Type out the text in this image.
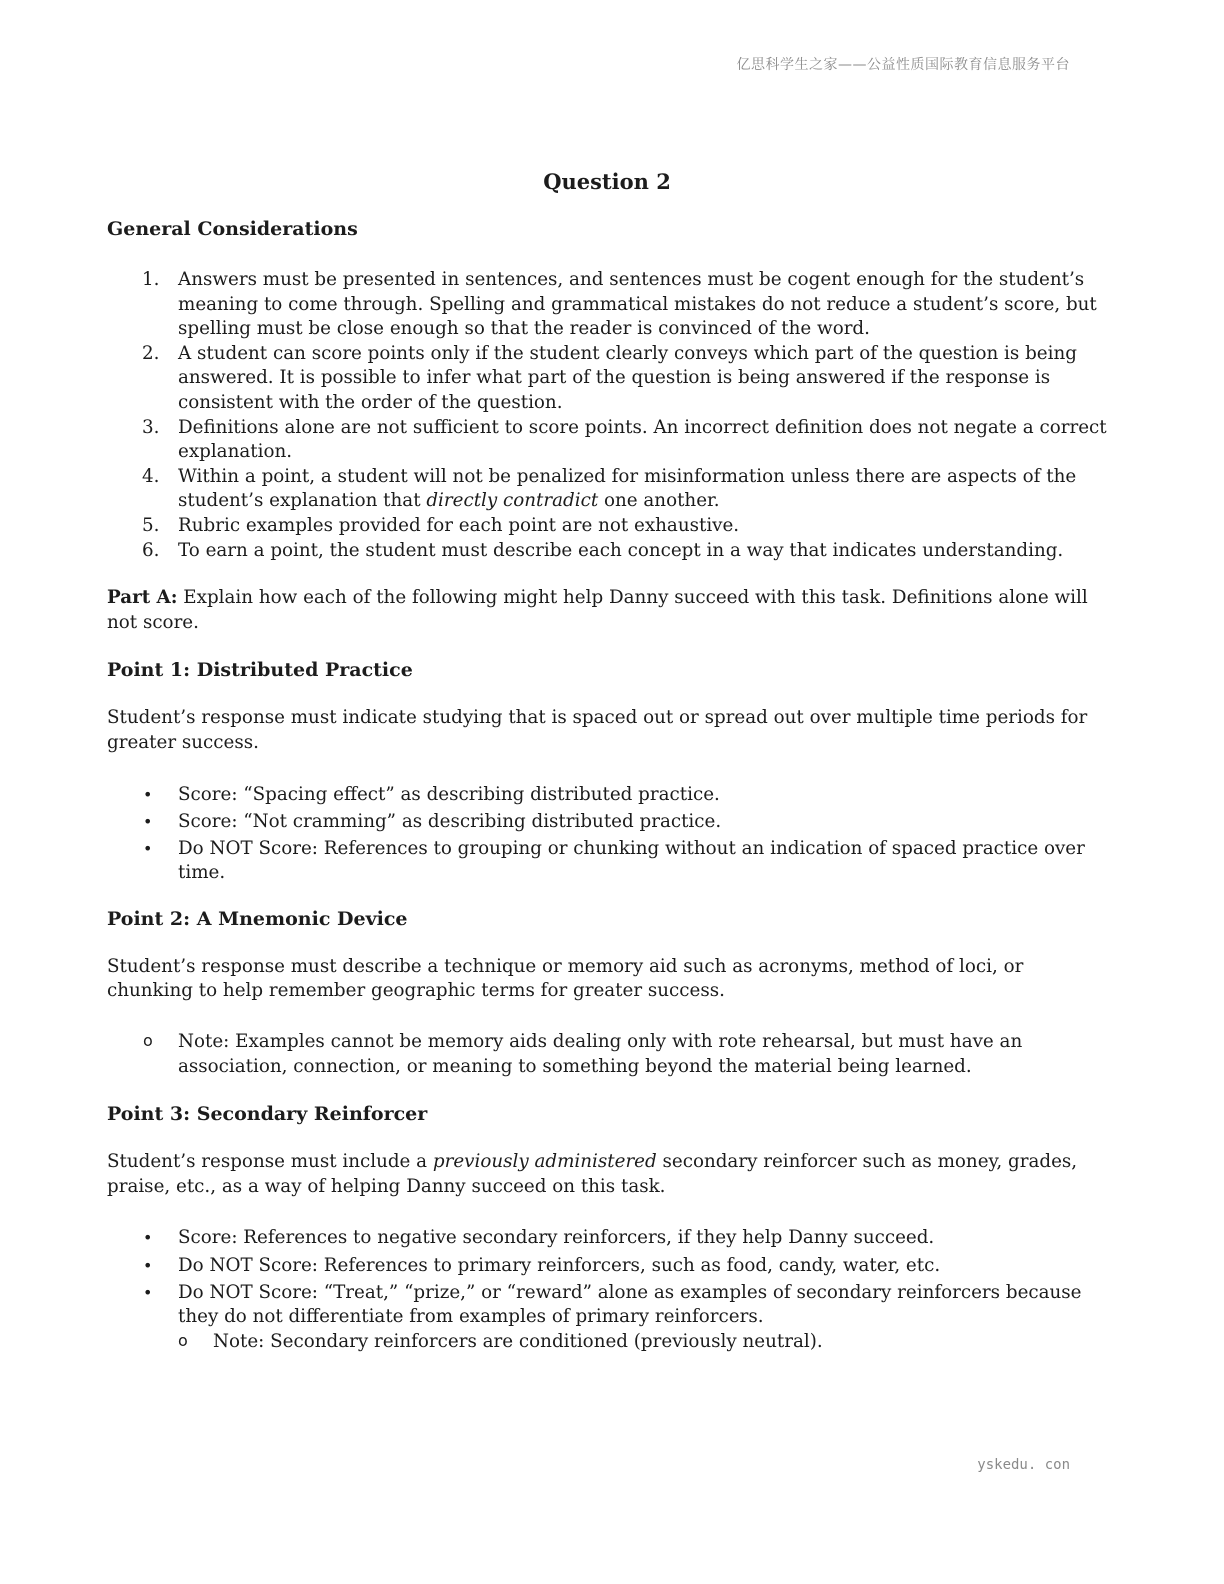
亿思科学生之家——公益性质国际教育信息服务平台
Question 2
General Considerations
1. Answers must be presented in sentences, and sentences must be cogent enough for the student’s meaning to come through. Spelling and grammatical mistakes do not reduce a student’s score, but spelling must be close enough so that the reader is convinced of the word.
2. A student can score points only if the student clearly conveys which part of the question is being answered. It is possible to infer what part of the question is being answered if the response is consistent with the order of the question.
3. Definitions alone are not sufficient to score points. An incorrect definition does not negate a correct explanation.
4. Within a point, a student will not be penalized for misinformation unless there are aspects of the student’s explanation that directly contradict one another.
5. Rubric examples provided for each point are not exhaustive.
6. To earn a point, the student must describe each concept in a way that indicates understanding.

Part A: Explain how each of the following might help Danny succeed with this task. Definitions alone will not score.

Point 1: Distributed Practice

Student’s response must indicate studying that is spaced out or spread out over multiple time periods for greater success.

• Score: “Spacing effect” as describing distributed practice.
• Score: “Not cramming” as describing distributed practice.
• Do NOT Score: References to grouping or chunking without an indication of spaced practice over time.
Point 2: A Mnemonic Device

Student’s response must describe a technique or memory aid such as acronyms, method of loci, or chunking to help remember geographic terms for greater success.

o Note: Examples cannot be memory aids dealing only with rote rehearsal, but must have an association, connection, or meaning to something beyond the material being learned.
Point 3: Secondary Reinforcer

Student’s response must include a previously administered secondary reinforcer such as money, grades, praise, etc., as a way of helping Danny succeed on this task.

• Score: References to negative secondary reinforcers, if they help Danny succeed.
• Do NOT Score: References to primary reinforcers, such as food, candy, water, etc.
• Do NOT Score: “Treat,” “prize,” or “reward” alone as examples of secondary reinforcers because they do not differentiate from examples of primary reinforcers.
o Note: Secondary reinforcers are conditioned (previously neutral).
yskedu. con
